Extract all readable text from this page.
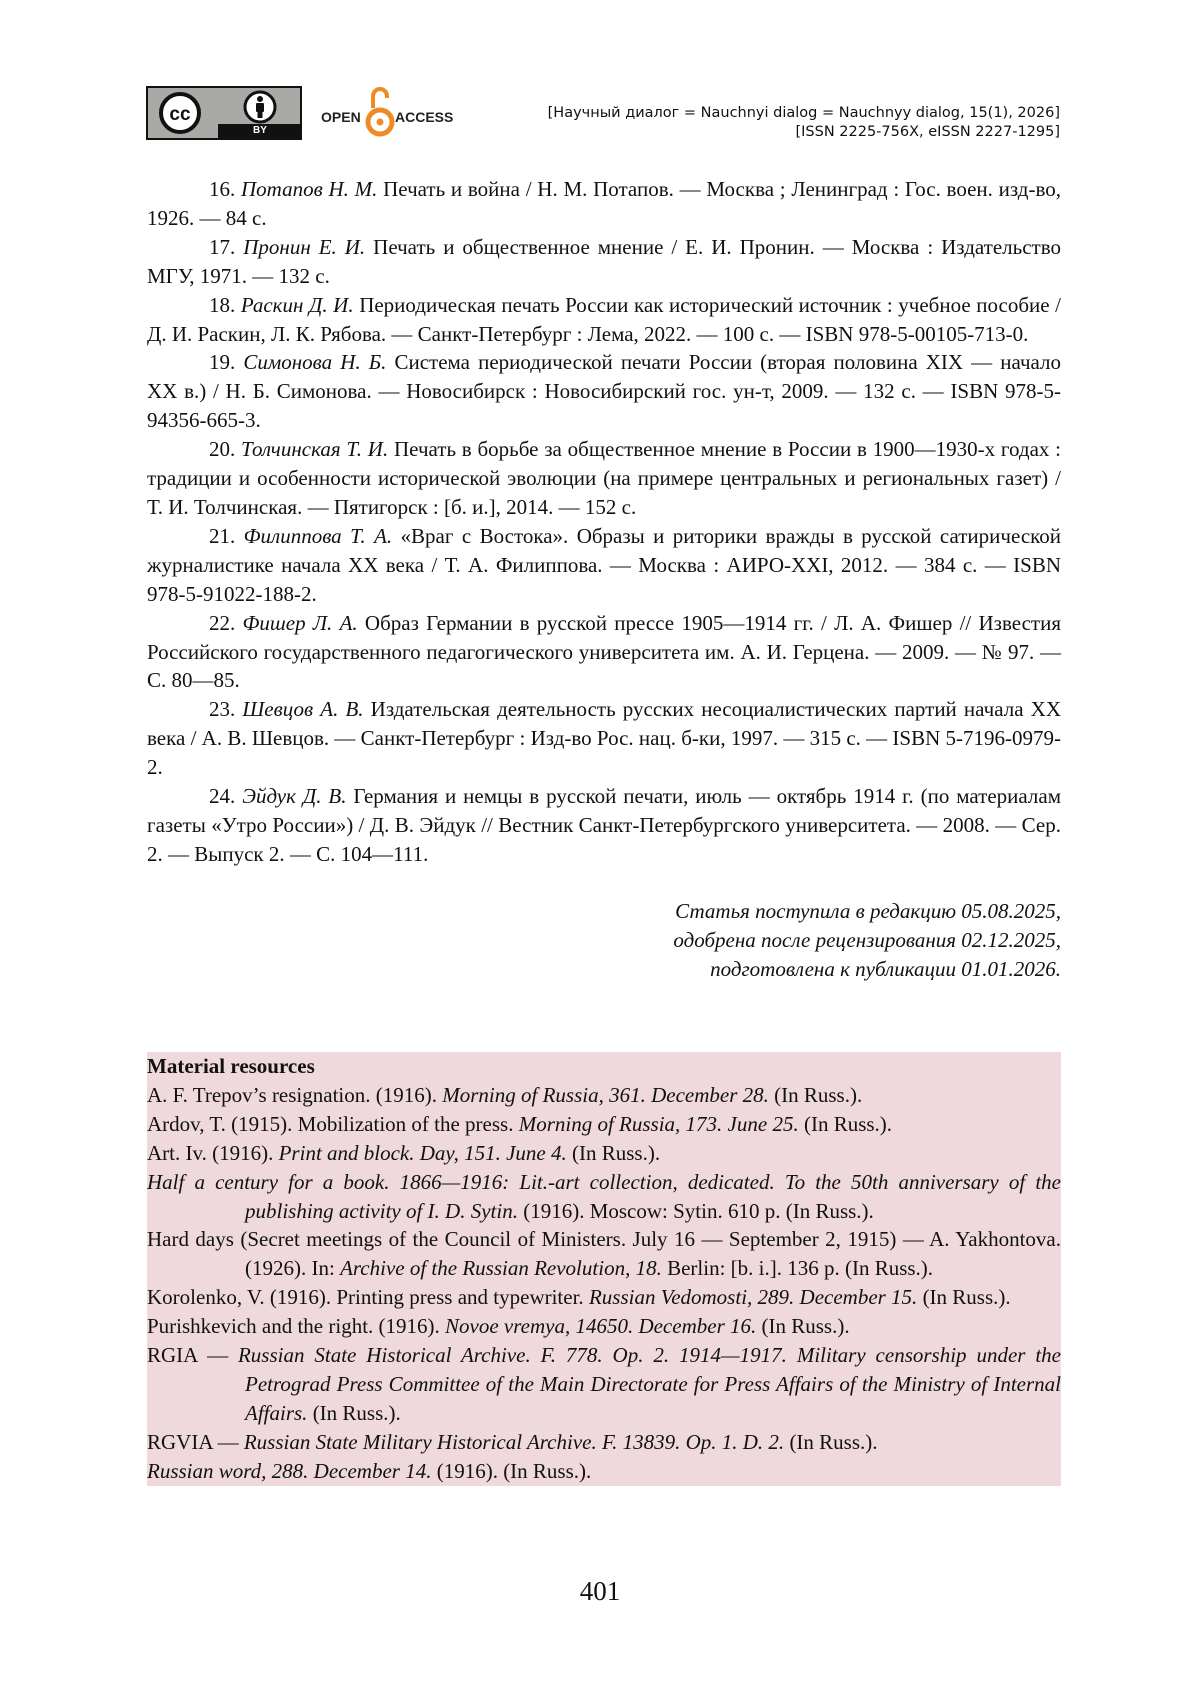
cc
BY
OPEN ACCESS	[Научный диалог = Nauchnyi dialog = Nauchnyy dialog, 15(1), 2026]
[ISSN 2225-756X, eISSN 2227-1295]

16. Потапов Н. М. Печать и война / Н. М. Потапов. — Москва ; Ленинград : Гос. воен. изд-во, 1926. — 84 с.

17. Пронин Е. И. Печать и общественное мнение / Е. И. Пронин. — Москва : Издательство МГУ, 1971. — 132 с.

18. Раскин Д. И. Периодическая печать России как исторический источник : учебное пособие / Д. И. Раскин, Л. К. Рябова. — Санкт-Петербург : Лема, 2022. — 100 с. — ISBN 978-5-00105-713-0.

19. Симонова Н. Б. Система периодической печати России (вторая половина XIX — начало XX в.) / Н. Б. Симонова. — Новосибирск : Новосибирский гос. ун-т, 2009. — 132 с. — ISBN 978-5-94356-665-3.

20. Толчинская Т. И. Печать в борьбе за общественное мнение в России в 1900—1930-х годах : традиции и особенности исторической эволюции (на примере центральных и региональных газет) / Т. И. Толчинская. — Пятигорск : [б. и.], 2014. — 152 с.

21. Филиппова Т. А. «Враг с Востока». Образы и риторики вражды в русской сатирической журналистике начала XX века / Т. А. Филиппова. — Москва : АИРО-XXI, 2012. — 384 с. — ISBN 978-5-91022-188-2.

22. Фишер Л. А. Образ Германии в русской прессе 1905—1914 гг. / Л. А. Фишер // Известия Российского государственного педагогического университета им. А. И. Герцена. — 2009. — № 97. — С. 80—85.

23. Шевцов А. В. Издательская деятельность русских несоциалистических партий начала XX века / А. В. Шевцов. — Санкт-Петербург : Изд-во Рос. нац. б-ки, 1997. — 315 с. — ISBN 5-7196-0979-2.

24. Эйдук Д. В. Германия и немцы в русской печати, июль — октябрь 1914 г. (по материалам газеты «Утро России») / Д. В. Эйдук // Вестник Санкт-Петербургского университета. — 2008. — Сер. 2. — Выпуск 2. — С. 104—111.

Статья поступила в редакцию 05.08.2025,
одобрена после рецензирования 02.12.2025,
подготовлена к публикации 01.01.2026.

Material resources

A. F. Trepov’s resignation. (1916). Morning of Russia, 361. December 28. (In Russ.).

Ardov, T. (1915). Mobilization of the press. Morning of Russia, 173. June 25. (In Russ.).

Art. Iv. (1916). Print and block. Day, 151. June 4. (In Russ.).

Half a century for a book. 1866—1916: Lit.-art collection, dedicated. To the 50th anniversary of the publishing activity of I. D. Sytin. (1916). Moscow: Sytin. 610 p. (In Russ.).

Hard days (Secret meetings of the Council of Ministers. July 16 — September 2, 1915) — A. Yakhontova. (1926). In: Archive of the Russian Revolution, 18. Berlin: [b. i.]. 136 p. (In Russ.).

Korolenko, V. (1916). Printing press and typewriter. Russian Vedomosti, 289. December 15. (In Russ.).

Purishkevich and the right. (1916). Novoe vremya, 14650. December 16. (In Russ.).

RGIA — Russian State Historical Archive. F. 778. Op. 2. 1914—1917. Military censorship under the Petrograd Press Committee of the Main Directorate for Press Affairs of the Ministry of Internal Affairs. (In Russ.).

RGVIA — Russian State Military Historical Archive. F. 13839. Op. 1. D. 2. (In Russ.).

Russian word, 288. December 14. (1916). (In Russ.).

401
